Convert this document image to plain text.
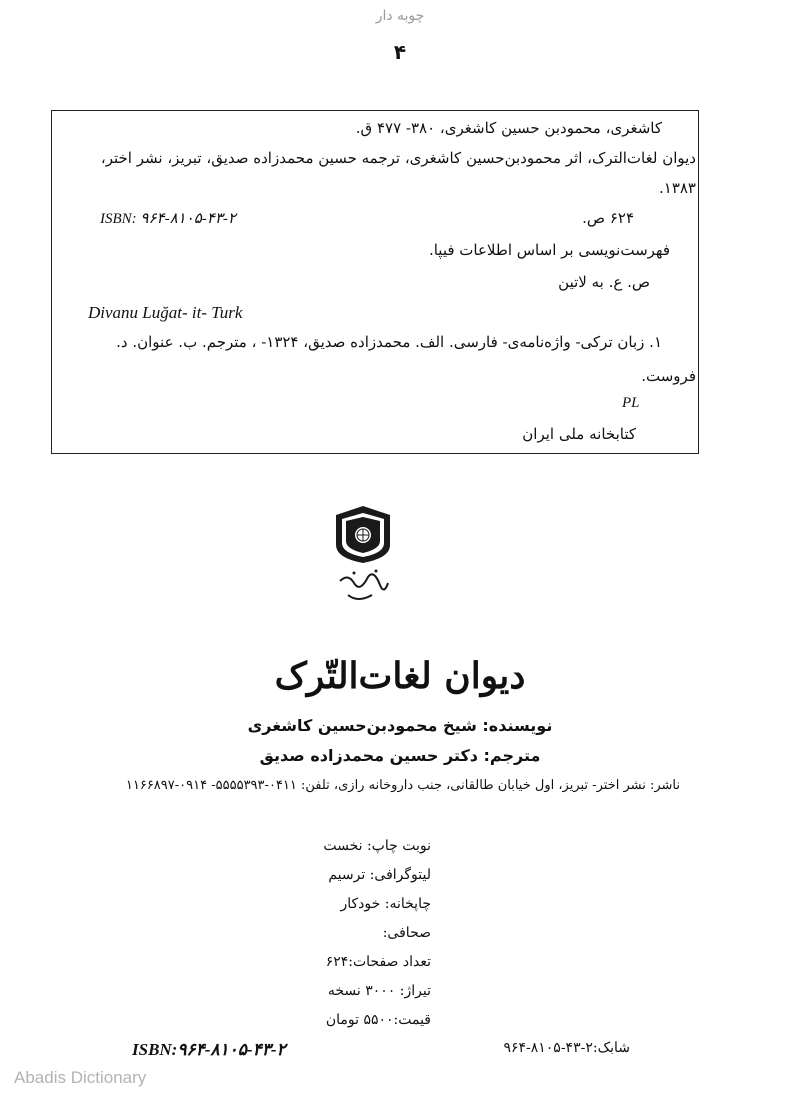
چوبه دار
۴
کاشغری، محمودبن حسین کاشغری، ۳۸۰- ۴۷۷ ق.
دیوان لغات‌الترک، اثر محمودبن‌حسین کاشغری، ترجمه حسین محمدزاده صدیق، تبریز، نشر اختر،
۱۳۸۳.
۶۲۴ ص.
ISBN: ۹۶۴-۸۱۰۵-۴۳-۲
فهرست‌نویسی بر اساس اطلاعات فیپا.
ص. ع. به لاتین
Divanu Luğat- it- Turk
۱. زبان ترکی- واژه‌نامه‌ی- فارسی. الف. محمدزاده صدیق، ۱۳۲۴- ، مترجم. ب. عنوان. د.
فروست.
PL
کتابخانه ملی ایران
دیوان لغات‌التّرک
نویسنده: شیخ محمودبن‌حسین کاشغری
مترجم: دکتر حسین محمدزاده صدیق
ناشر: نشر اختر- تبریز، اول خیابان طالقانی، جنب داروخانه رازی، تلفن: ۰۴۱۱-۵۵۵۵۳۹۳- ۰۹۱۴-۱۱۶۶۸۹۷
نوبت چاپ: نخست
لیتوگرافی: ترسیم
چاپخانه: خودکار
صحافی:
تعداد صفحات:۶۲۴
تیراژ: ۳۰۰۰ نسخه
قیمت:۵۵۰۰ تومان
ISBN:۹۶۴-۸۱۰۵-۴۳-۲	شابک:۲-۴۳-۸۱۰۵-۹۶۴
Abadis Dictionary
